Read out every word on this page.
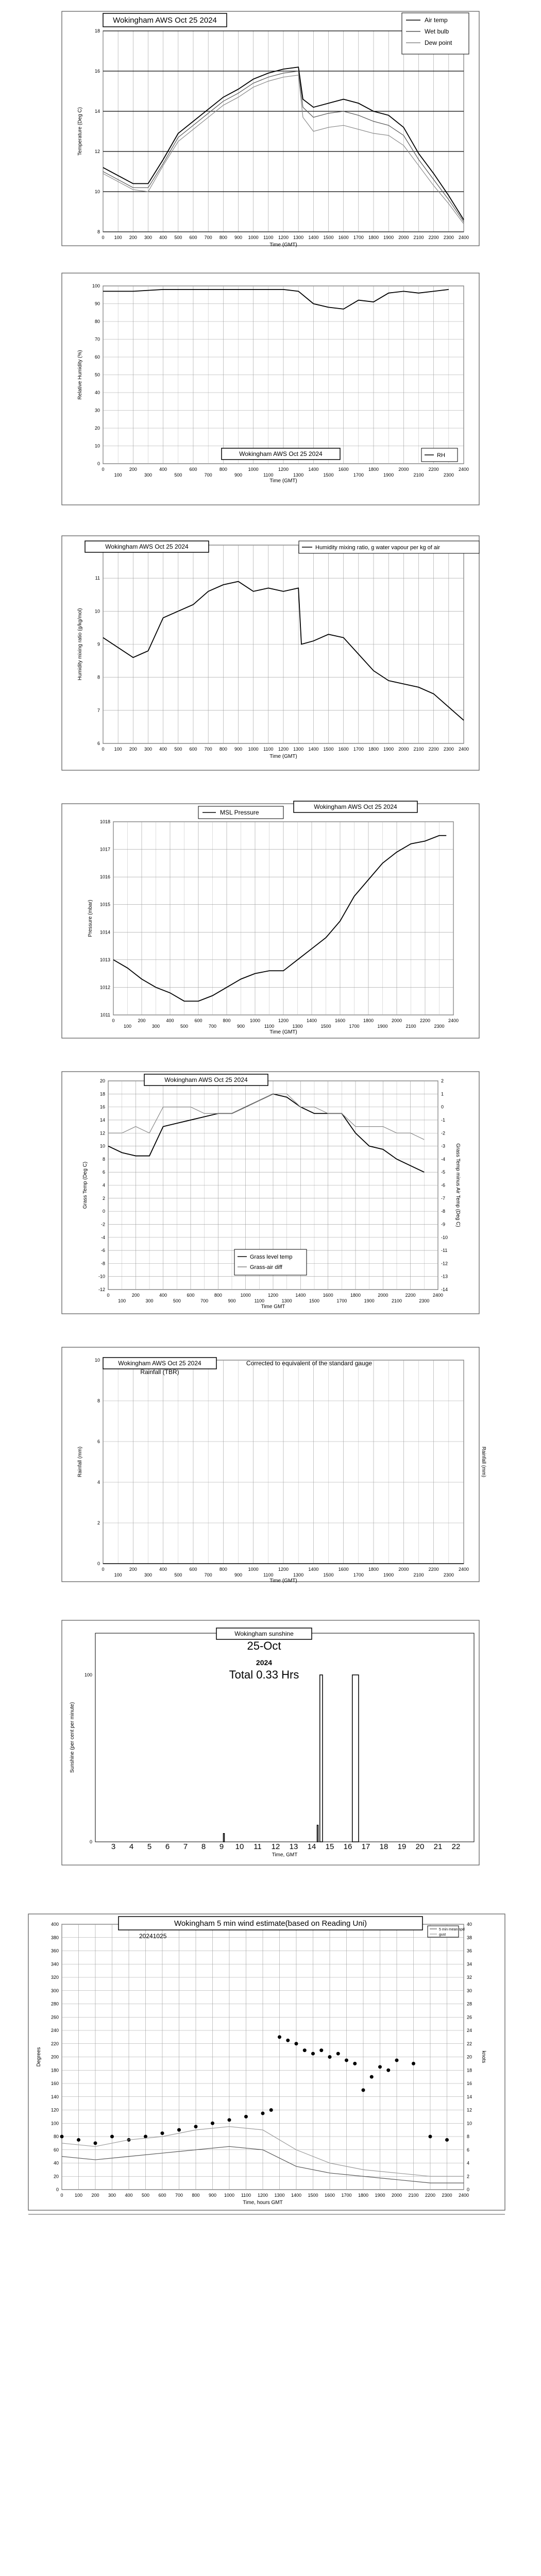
8
10
12
14
16
18
0 100 200 300 400 500 600 700 800 900 1000 1100 1200 1300 1400 1500 1600 1700 1800 1900 2000 2100 2200 2300 2400
Time (GMT)
Temperature (Deg C)
Wokingham AWS Oct 25 2024	Air temp
Wet bulb
Dew point
0
10
20
30
40
50
60
70
80
90
100
0	200	400	600	800	1000	1200	1400	1600	1800	2000	2200	2400
100	300	500	700	900	1100	1300	1500	1700	1900	2100	2300
Time (GMT)
Relative Humidity (%)
Wokingham AWS Oct 25 2024	RH
6
7
8
9
10
11
0 100 200 300 400 500 600 700 800 900 1000 1100 1200 1300 1400 1500 1600 1700 1800 1900 2000 2100 2200 2300 2400
Time (GMT)
Humidity mixing ratio (g/kg/mol)
Wokingham AWS Oct 25 2024	Humidity mixing ratio, g water vapour per kg of air
1011
1012
1013
1014
1015
1016
1017
1018
0	200	400	600	800	1000	1200	1400	1600	1800	2000	2200	2400
100	300	500	700	900	1100	1300	1500	1700	1900	2100	2300
Time (GMT)
Pressure (mbar)
Wokingham AWS Oct 25 2024
MSL Pressure
-12
-10
-8
-6
-4
-2
0
2
4
6
8
10
12
14
16
18
20
-14
-13
-12
-11
-10
-9
-8
-7
-6
-5
-4
-3
-2
-1
0
1
2
0	200	400	600	800	1000	1200	1400	1600	1800	2000	2200	2400
100	300	500	700	900	1100	1300	1500	1700	1900	2100	2300
Time GMT
Grass Temp (Deg C)	Grass Temp minus Air Temp (Deg C)
Wokingham AWS Oct 25 2024
Grass level temp
Grass-air diff
0
2
4
6
8
10
0	200	400	600	800	1000	1200	1400	1600	1800	2000	2200	2400
100	300	500	700	900	1100	1300	1500	1700	1900	2100	2300
Time (GMT)
Rainfall (mm)	Rainfall (mm)
Wokingham AWS Oct 25 2024
Rainfall (TBR)
Corrected to equivalent of the standard gauge
0
100
3 4 5 6 7 8 9 10 11 12 13 14 15 16 17 18 19 20 21 22
Time, GMT
Sunshine (per cent per minute)
Wokingham sunshine
25-Oct
2024
Total 0.33 Hrs
0
20
40
60
80
100
120
140
160
180
200
220
240
260
280
300
320
340
360
380
400
0
2
4
6
8
10
12
14
16
18
20
22
24
26
28
30
32
34
36
38
40
0 100 200 300 400 500 600 700 800 900 1000 1100 1200 1300 1400 1500 1600 1700 1800 1900 2000 2100 2200 2300 2400
Time, hours GMT
Degrees	knots
Wokingham 5 min wind estimate(based on Reading Uni)
20241025
5 min mean spd
gust
